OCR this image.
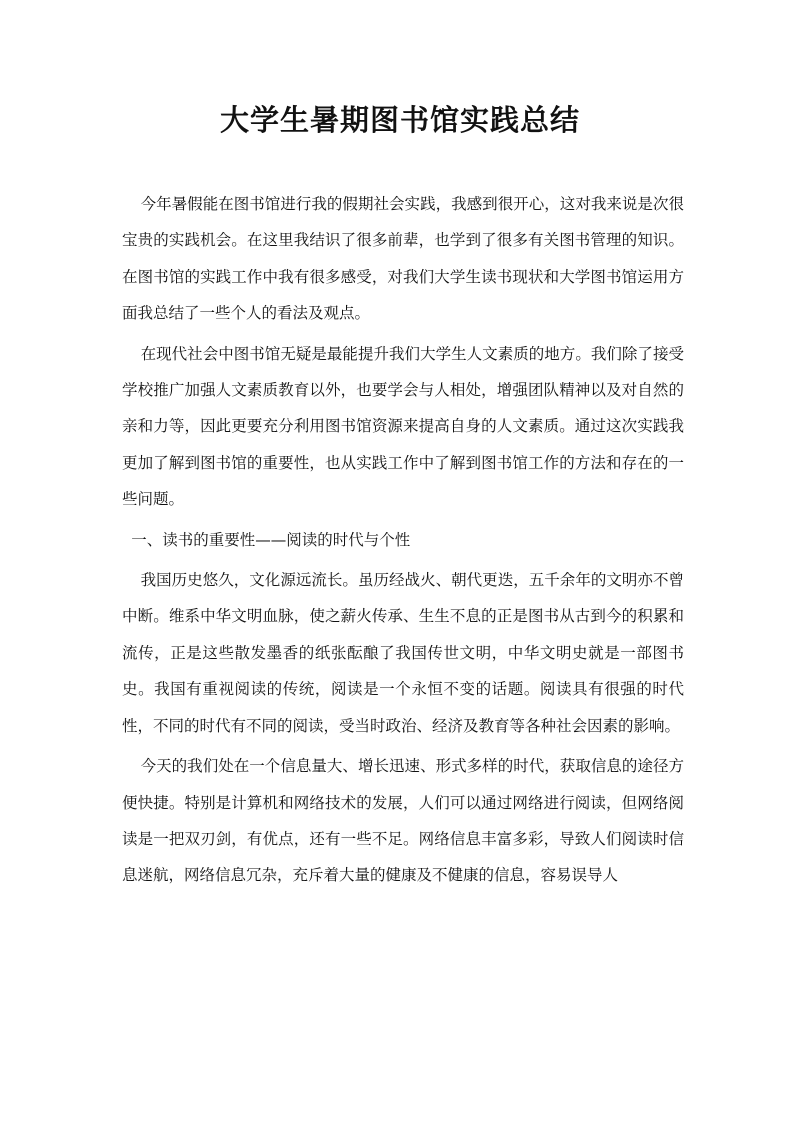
大学生暑期图书馆实践总结

今年暑假能在图书馆进行我的假期社会实践，我感到很开心，这对我来说是次很宝贵的实践机会。在这里我结识了很多前辈，也学到了很多有关图书管理的知识。在图书馆的实践工作中我有很多感受，对我们大学生读书现状和大学图书馆运用方面我总结了一些个人的看法及观点。

在现代社会中图书馆无疑是最能提升我们大学生人文素质的地方。我们除了接受学校推广加强人文素质教育以外，也要学会与人相处，增强团队精神以及对自然的亲和力等，因此更要充分利用图书馆资源来提高自身的人文素质。通过这次实践我更加了解到图书馆的重要性，也从实践工作中了解到图书馆工作的方法和存在的一些问题。

一、读书的重要性——阅读的时代与个性

我国历史悠久，文化源远流长。虽历经战火、朝代更迭，五千余年的文明亦不曾中断。维系中华文明血脉，使之薪火传承、生生不息的正是图书从古到今的积累和流传，正是这些散发墨香的纸张酝酿了我国传世文明，中华文明史就是一部图书史。我国有重视阅读的传统，阅读是一个永恒不变的话题。阅读具有很强的时代性，不同的时代有不同的阅读，受当时政治、经济及教育等各种社会因素的影响。

今天的我们处在一个信息量大、增长迅速、形式多样的时代，获取信息的途径方便快捷。特别是计算机和网络技术的发展，人们可以通过网络进行阅读，但网络阅读是一把双刃剑，有优点，还有一些不足。网络信息丰富多彩，导致人们阅读时信息迷航，网络信息冗杂，充斥着大量的健康及不健康的信息，容易误导人
